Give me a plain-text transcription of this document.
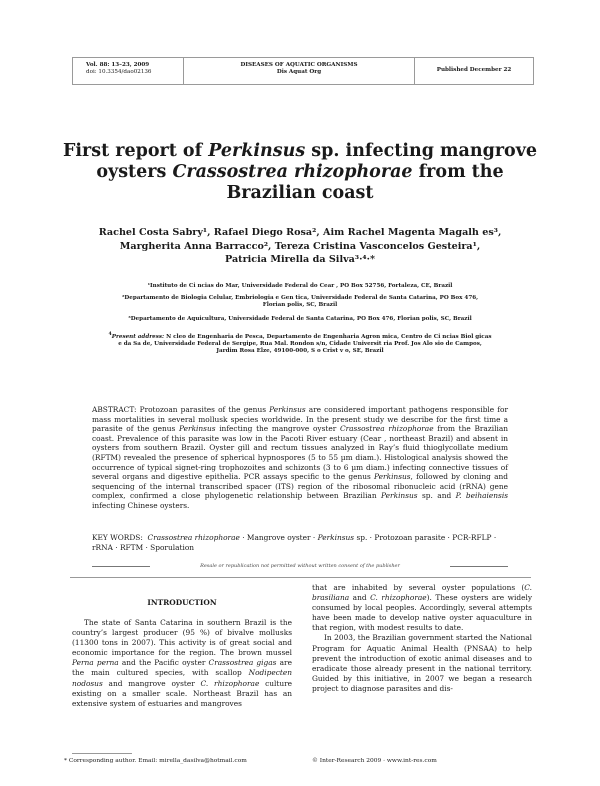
Vol. 88: 13–23, 2009
doi: 10.3354/dao02136
DISEASES OF AQUATIC ORGANISMS
Dis Aquat Org	Published December 22
First report of Perkinsus sp. infecting mangrove oysters Crassostrea rhizophorae from the Brazilian coast
Rachel Costa Sabry¹, Rafael Diego Rosa², Aim Rachel Magenta Magalh es³,
Margherita Anna Barracco², Tereza Cristina Vasconcelos Gesteira¹,
Patricia Mirella da Silva³·⁴·*
¹Instituto de Ci ncias do Mar, Universidade Federal do Cear , PO Box 52756, Fortaleza, CE, Brazil
²Departamento de Biologia Celular, Embriologia e Gen tica, Universidade Federal de Santa Catarina, PO Box 476,
Florian polis, SC, Brazil
³Departamento de Aquicultura, Universidade Federal de Santa Catarina, PO Box 476, Florian polis, SC, Brazil
$^4$Present address: N cleo de Engenharia de Pesca, Departamento de Engenharia Agron mica, Centro de Ci ncias Biol gicas
e da Sa de, Universidade Federal de Sergipe, Rua Mal. Rondon s/n, Cidade Universit ria Prof. Jos Alo sio de Campos,
Jardim Rosa Elze, 49100-000, S o Crist v o, SE, Brazil
ABSTRACT: Protozoan parasites of the genus Perkinsus are considered important pathogens responsible for mass mortalities in several mollusk species worldwide. In the present study we describe for the first time a parasite of the genus Perkinsus infecting the mangrove oyster Crassostrea rhizophorae from the Brazilian coast. Prevalence of this parasite was low in the Pacoti River estuary (Cear , northeast Brazil) and absent in oysters from southern Brazil. Oyster gill and rectum tissues analyzed in Ray’s fluid thioglycollate medium (RFTM) revealed the presence of spherical hypnospores (5 to 55 µm diam.). Histological analysis showed the occurrence of typical signet-ring trophozoites and schizonts (3 to 6 µm diam.) infecting connective tissues of several organs and digestive epithelia. PCR assays specific to the genus Perkinsus, followed by cloning and sequencing of the internal transcribed spacer (ITS) region of the ribosomal ribonucleic acid (rRNA) gene complex, confirmed a close phylogenetic relationship between Brazilian Perkinsus sp. and P. beihaiensis infecting Chinese oysters.
KEY WORDS: Crassostrea rhizophorae · Mangrove oyster · Perkinsus sp. · Protozoan parasite · PCR-RFLP · rRNA · RFTM · Sporulation
Resale or republication not permitted without written consent of the publisher
INTRODUCTION
The state of Santa Catarina in southern Brazil is the country’s largest producer (95 %) of bivalve mollusks (11300 tons in 2007). This activity is of great social and economic importance for the region. The brown mussel Perna perna and the Pacific oyster Crassostrea gigas are the main cultured species, with scallop Nodipecten nodosus and mangrove oyster C. rhizophorae culture existing on a smaller scale. Northeast Brazil has an extensive system of estuaries and mangroves
that are inhabited by several oyster populations (C. brasiliana and C. rhizophorae). These oysters are widely consumed by local peoples. Accordingly, several attempts have been made to develop native oyster aquaculture in that region, with modest results to date.
In 2003, the Brazilian government started the National Program for Aquatic Animal Health (PNSAA) to help prevent the introduction of exotic animal diseases and to eradicate those already present in the national territory. Guided by this initiative, in 2007 we began a research project to diagnose parasites and dis-
* Corresponding author. Email: mirella_dasilva@hotmail.com	© Inter-Research 2009 · www.int-res.com
